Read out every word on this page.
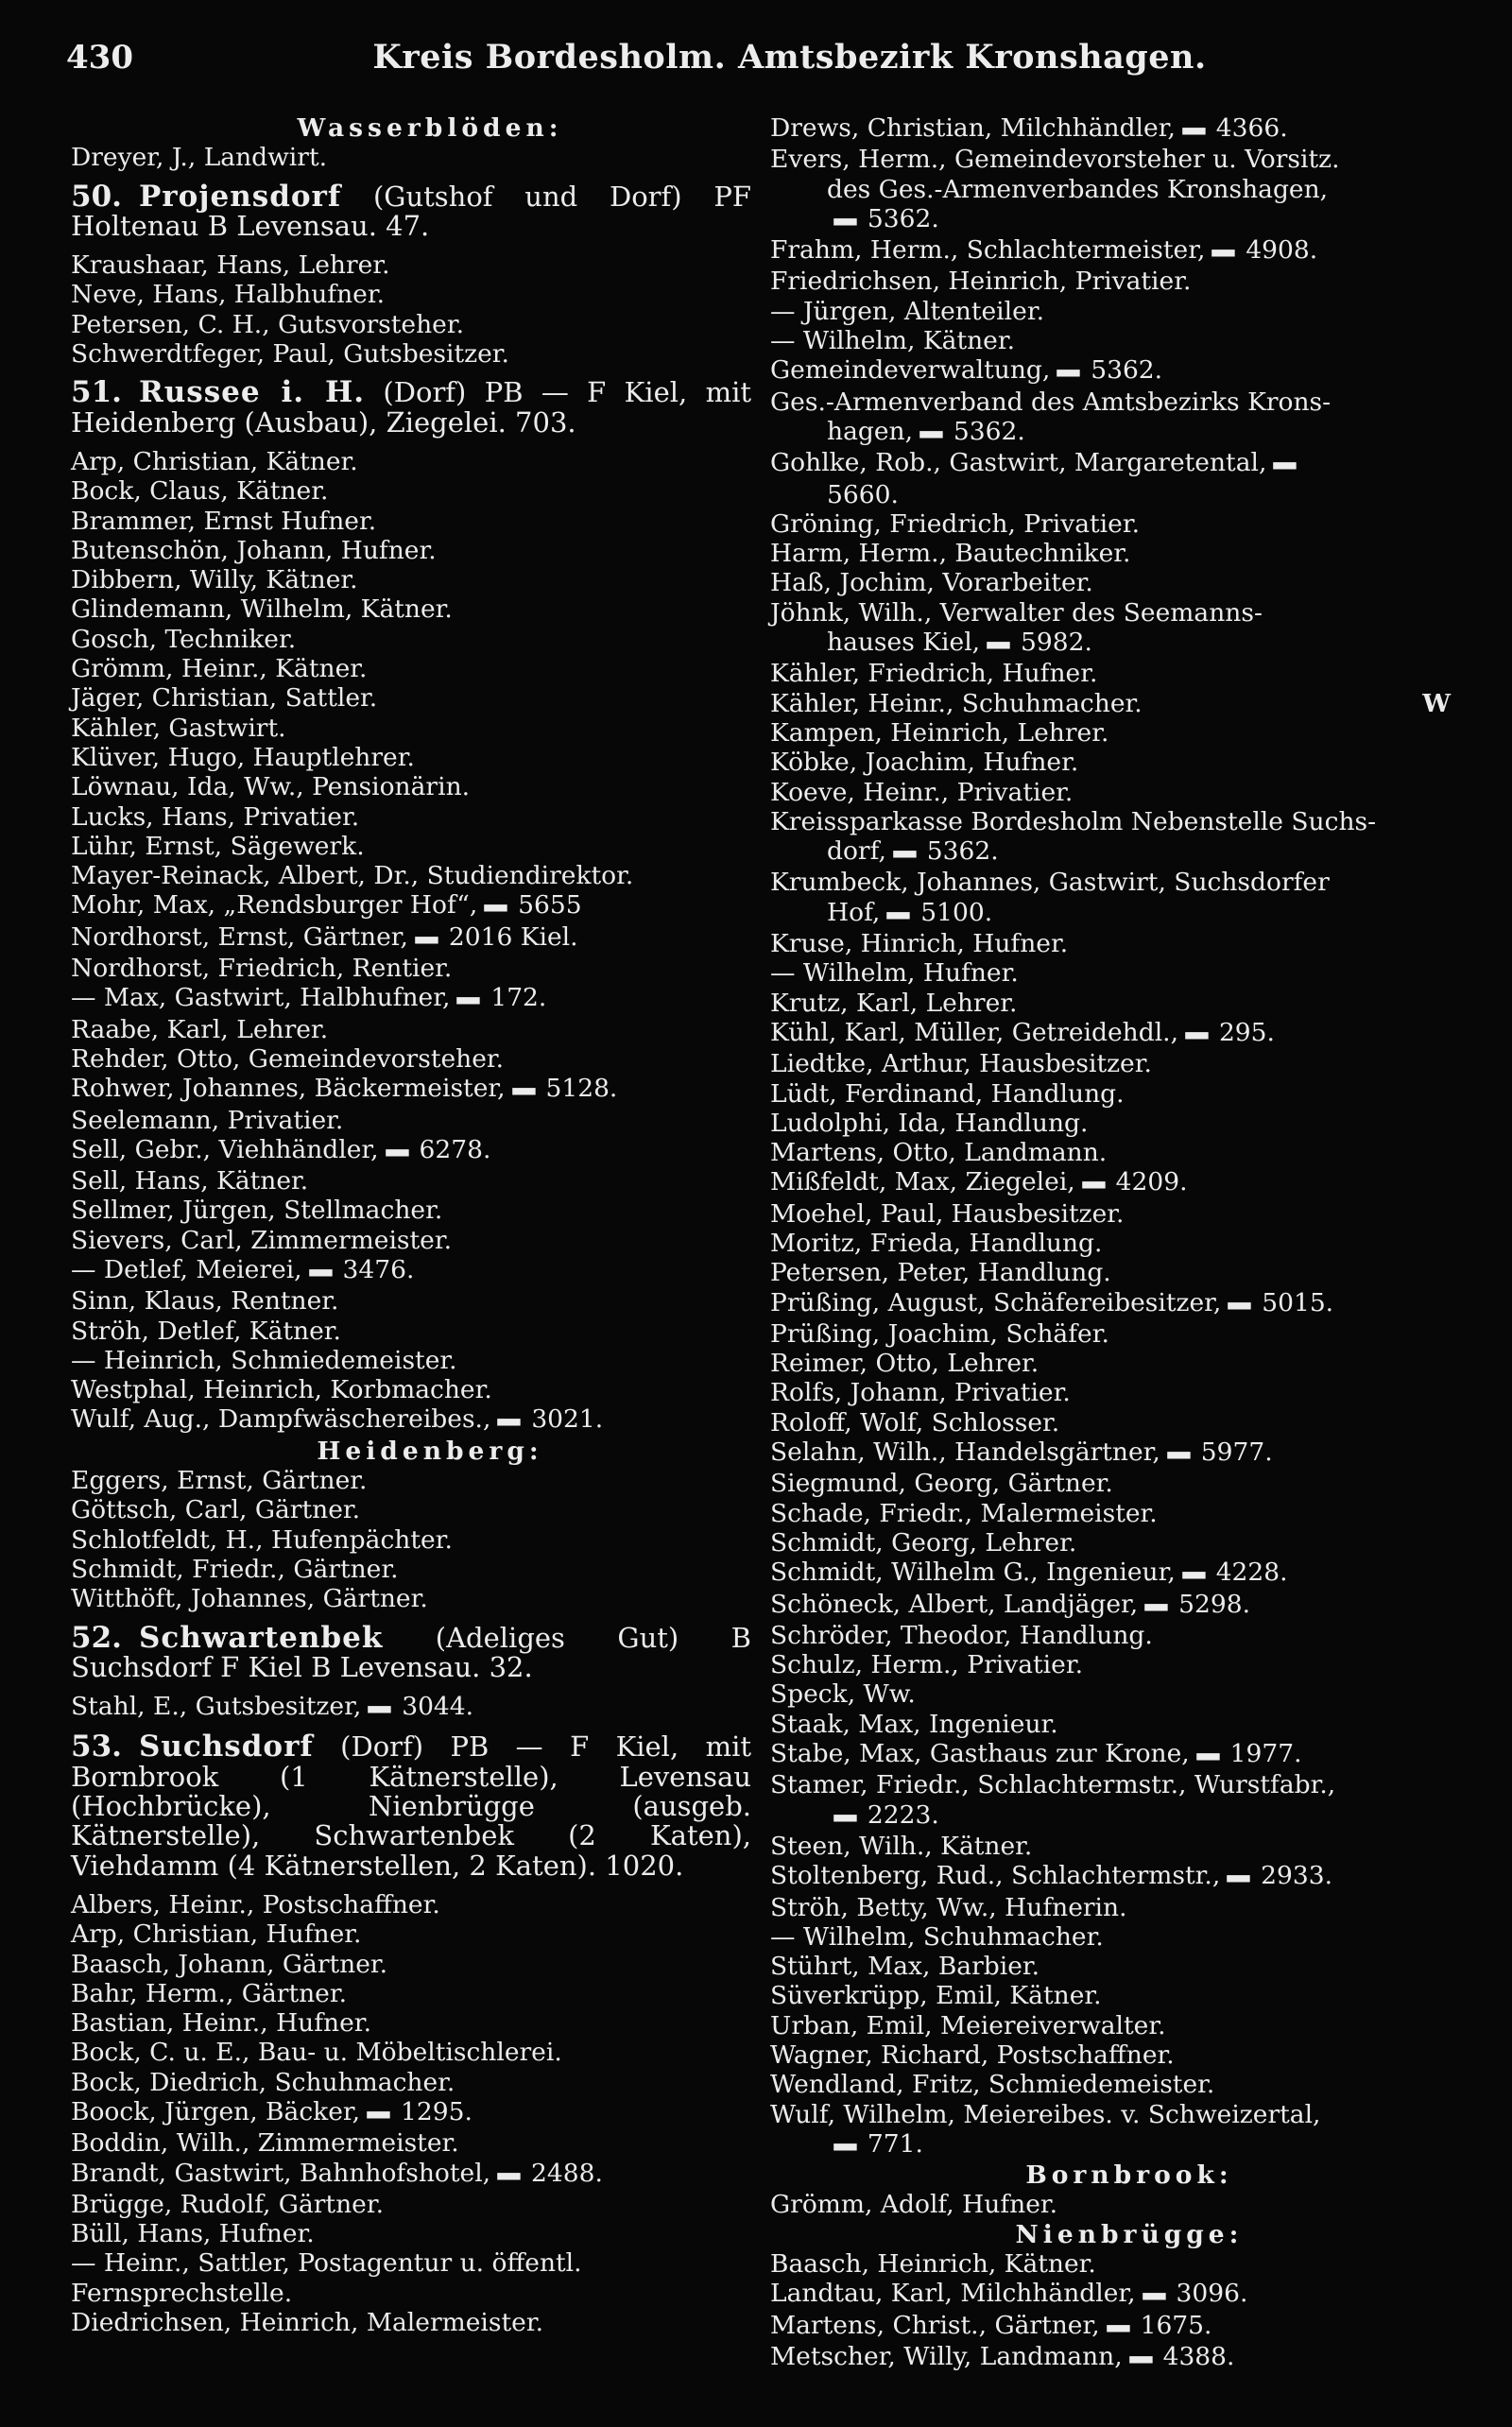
430	Kreis Bordesholm. Amtsbezirk Kronshagen.
Wasserblöden:
Dreyer, J., Landwirt.
50. Projensdorf (Gutshof und Dorf) PF Holtenau B Levensau. 47.
Kraushaar, Hans, Lehrer.
Neve, Hans, Halbhufner.
Petersen, C. H., Gutsvorsteher.
Schwerdtfeger, Paul, Gutsbesitzer.
51. Russee i. H. (Dorf) PB — F Kiel, mit Heidenberg (Ausbau), Ziegelei. 703.
Arp, Christian, Kätner.
Bock, Claus, Kätner.
Brammer, Ernst Hufner.
Butenschön, Johann, Hufner.
Dibbern, Willy, Kätner.
Glindemann, Wilhelm, Kätner.
Gosch, Techniker.
Grömm, Heinr., Kätner.
Jäger, Christian, Sattler.
Kähler, Gastwirt.
Klüver, Hugo, Hauptlehrer.
Löwnau, Ida, Ww., Pensionärin.
Lucks, Hans, Privatier.
Lühr, Ernst, Sägewerk.
Mayer-Reinack, Albert, Dr., Studiendirektor.
Mohr, Max, „Rendsburger Hof“, ▬ 5655
Nordhorst, Ernst, Gärtner, ▬ 2016 Kiel.
Nordhorst, Friedrich, Rentier.
— Max, Gastwirt, Halbhufner, ▬ 172.
Raabe, Karl, Lehrer.
Rehder, Otto, Gemeindevorsteher.
Rohwer, Johannes, Bäckermeister, ▬ 5128.
Seelemann, Privatier.
Sell, Gebr., Viehhändler, ▬ 6278.
Sell, Hans, Kätner.
Sellmer, Jürgen, Stellmacher.
Sievers, Carl, Zimmermeister.
— Detlef, Meierei, ▬ 3476.
Sinn, Klaus, Rentner.
Ströh, Detlef, Kätner.
— Heinrich, Schmiedemeister.
Westphal, Heinrich, Korbmacher.
Wulf, Aug., Dampfwäschereibes., ▬ 3021.
Heidenberg:
Eggers, Ernst, Gärtner.
Göttsch, Carl, Gärtner.
Schlotfeldt, H., Hufenpächter.
Schmidt, Friedr., Gärtner.
Witthöft, Johannes, Gärtner.
52. Schwartenbek (Adeliges Gut) B Suchsdorf F Kiel B Levensau. 32.
Stahl, E., Gutsbesitzer, ▬ 3044.
53. Suchsdorf (Dorf) PB — F Kiel, mit Bornbrook (1 Kätnerstelle), Levensau (Hochbrücke), Nienbrügge (ausgeb. Kätnerstelle), Schwartenbek (2 Katen), Viehdamm (4 Kätnerstellen, 2 Katen). 1020.
Albers, Heinr., Postschaffner.
Arp, Christian, Hufner.
Baasch, Johann, Gärtner.
Bahr, Herm., Gärtner.
Bastian, Heinr., Hufner.
Bock, C. u. E., Bau- u. Möbeltischlerei.
Bock, Diedrich, Schuhmacher.
Boock, Jürgen, Bäcker, ▬ 1295.
Boddin, Wilh., Zimmermeister.
Brandt, Gastwirt, Bahnhofshotel, ▬ 2488.
Brügge, Rudolf, Gärtner.
Büll, Hans, Hufner.
— Heinr., Sattler, Postagentur u. öffentl.
Fernsprechstelle.
Diedrichsen, Heinrich, Malermeister.
Drews, Christian, Milchhändler, ▬ 4366.
Evers, Herm., Gemeindevorsteher u. Vorsitz.
des Ges.-Armenverbandes Kronshagen,
▬ 5362.
Frahm, Herm., Schlachtermeister, ▬ 4908.
Friedrichsen, Heinrich, Privatier.
— Jürgen, Altenteiler.
— Wilhelm, Kätner.
Gemeindeverwaltung, ▬ 5362.
Ges.-Armenverband des Amtsbezirks Krons-
hagen, ▬ 5362.
Gohlke, Rob., Gastwirt, Margaretental, ▬
5660.
Gröning, Friedrich, Privatier.
Harm, Herm., Bautechniker.
Haß, Jochim, Vorarbeiter.
Jöhnk, Wilh., Verwalter des Seemanns-
hauses Kiel, ▬ 5982.
Kähler, Friedrich, Hufner.
W
Kähler, Heinr., Schuhmacher.
Kampen, Heinrich, Lehrer.
Köbke, Joachim, Hufner.
Koeve, Heinr., Privatier.
Kreissparkasse Bordesholm Nebenstelle Suchs-
dorf, ▬ 5362.
Krumbeck, Johannes, Gastwirt, Suchsdorfer
Hof, ▬ 5100.
Kruse, Hinrich, Hufner.
— Wilhelm, Hufner.
Krutz, Karl, Lehrer.
Kühl, Karl, Müller, Getreidehdl., ▬ 295.
Liedtke, Arthur, Hausbesitzer.
Lüdt, Ferdinand, Handlung.
Ludolphi, Ida, Handlung.
Martens, Otto, Landmann.
Mißfeldt, Max, Ziegelei, ▬ 4209.
Moehel, Paul, Hausbesitzer.
Moritz, Frieda, Handlung.
Petersen, Peter, Handlung.
Prüßing, August, Schäfereibesitzer, ▬ 5015.
Prüßing, Joachim, Schäfer.
Reimer, Otto, Lehrer.
Rolfs, Johann, Privatier.
Roloff, Wolf, Schlosser.
Selahn, Wilh., Handelsgärtner, ▬ 5977.
Siegmund, Georg, Gärtner.
Schade, Friedr., Malermeister.
Schmidt, Georg, Lehrer.
Schmidt, Wilhelm G., Ingenieur, ▬ 4228.
Schöneck, Albert, Landjäger, ▬ 5298.
Schröder, Theodor, Handlung.
Schulz, Herm., Privatier.
Speck, Ww.
Staak, Max, Ingenieur.
Stabe, Max, Gasthaus zur Krone, ▬ 1977.
Stamer, Friedr., Schlachtermstr., Wurstfabr.,
▬ 2223.
Steen, Wilh., Kätner.
Stoltenberg, Rud., Schlachtermstr., ▬ 2933.
Ströh, Betty, Ww., Hufnerin.
— Wilhelm, Schuhmacher.
Stührt, Max, Barbier.
Süverkrüpp, Emil, Kätner.
Urban, Emil, Meiereiverwalter.
Wagner, Richard, Postschaffner.
Wendland, Fritz, Schmiedemeister.
Wulf, Wilhelm, Meiereibes. v. Schweizertal,
▬ 771.
Bornbrook:
Grömm, Adolf, Hufner.
Nienbrügge:
Baasch, Heinrich, Kätner.
Landtau, Karl, Milchhändler, ▬ 3096.
Martens, Christ., Gärtner, ▬ 1675.
Metscher, Willy, Landmann, ▬ 4388.
